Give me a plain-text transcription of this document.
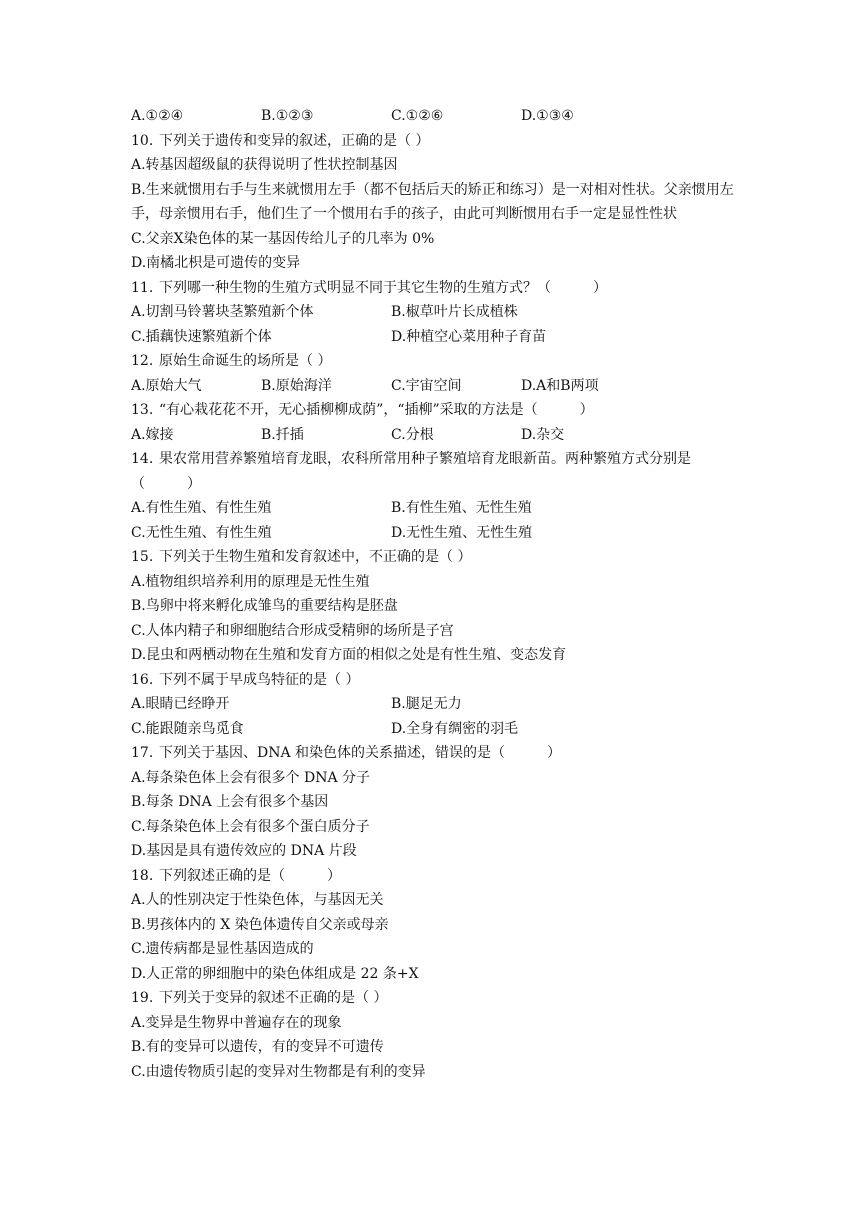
A.①②④	B.①②③	C.①②⑥	D.①③④

10. 下列关于遗传和变异的叙述，正确的是（ ）

A.转基因超级鼠的获得说明了性状控制基因

B.生来就惯用右手与生来就惯用左手（都不包括后天的矫正和练习）是一对相对性状。父亲惯用左手，母亲惯用右手，他们生了一个惯用右手的孩子，由此可判断惯用右手一定是显性性状

C.父亲X染色体的某一基因传给儿子的几率为 0%

D.南橘北枳是可遗传的变异

11. 下列哪一种生物的生殖方式明显不同于其它生物的生殖方式？（　　　）

A.切割马铃薯块茎繁殖新个体	B.椒草叶片长成植株
C.插藕快速繁殖新个体	D.种植空心菜用种子育苗

12. 原始生命诞生的场所是（ ）

A.原始大气	B.原始海洋	C.宇宙空间	D.A和B两项

13. “有心栽花花不开，无心插柳柳成荫”，“插柳”采取的方法是（　　　）

A.嫁接	B.扦插	C.分根	D.杂交

14. 果农常用营养繁殖培育龙眼，农科所常用种子繁殖培育龙眼新苗。两种繁殖方式分别是（　　　）

A.有性生殖、有性生殖	B.有性生殖、无性生殖
C.无性生殖、有性生殖	D.无性生殖、无性生殖

15. 下列关于生物生殖和发育叙述中，不正确的是（ ）

A.植物组织培养利用的原理是无性生殖

B.鸟卵中将来孵化成雏鸟的重要结构是胚盘

C.人体内精子和卵细胞结合形成受精卵的场所是子宫

D.昆虫和两栖动物在生殖和发育方面的相似之处是有性生殖、变态发育

16. 下列不属于早成鸟特征的是（ ）

A.眼睛已经睁开	B.腿足无力
C.能跟随亲鸟觅食	D.全身有绸密的羽毛

17. 下列关于基因、DNA 和染色体的关系描述，错误的是（　　　）

A.每条染色体上会有很多个 DNA 分子

B.每条 DNA 上会有很多个基因

C.每条染色体上会有很多个蛋白质分子

D.基因是具有遗传效应的 DNA 片段

18. 下列叙述正确的是（　　　）

A.人的性别决定于性染色体，与基因无关

B.男孩体内的 X 染色体遗传自父亲或母亲

C.遗传病都是显性基因造成的

D.人正常的卵细胞中的染色体组成是 22 条+X

19. 下列关于变异的叙述不正确的是（ ）

A.变异是生物界中普遍存在的现象

B.有的变异可以遗传，有的变异不可遗传

C.由遗传物质引起的变异对生物都是有利的变异
